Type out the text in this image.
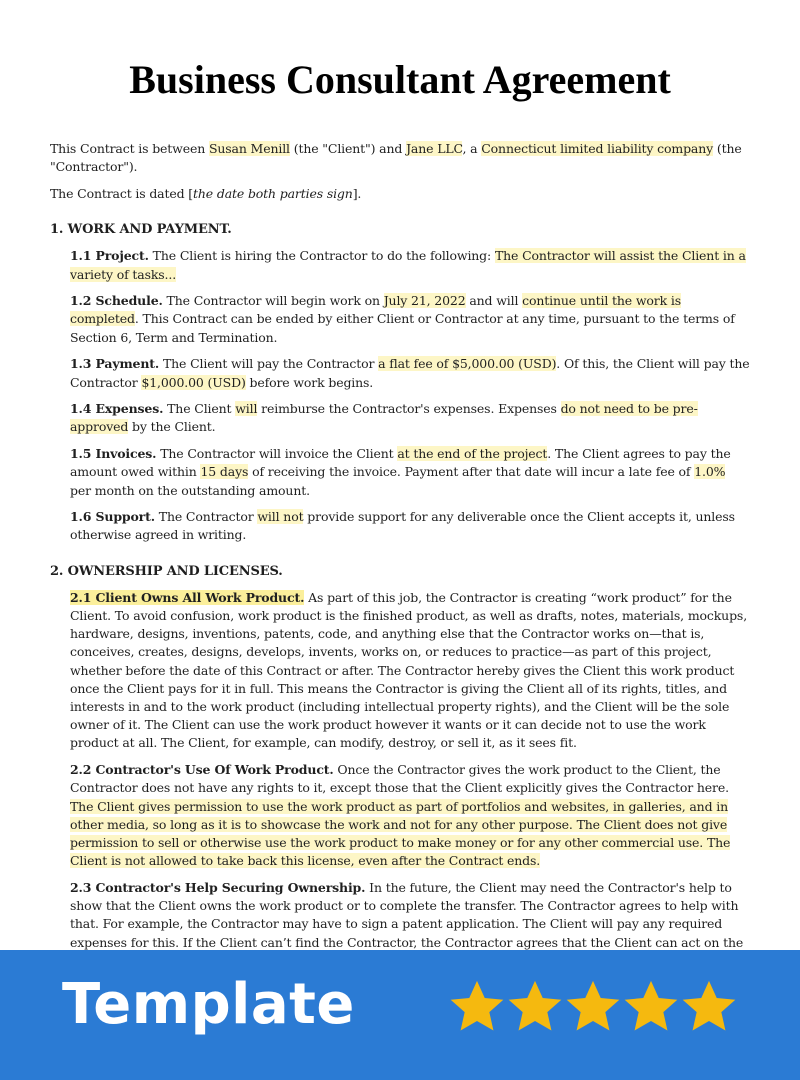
Business Consultant Agreement

This Contract is between Susan Menill (the "Client") and Jane LLC, a Connecticut limited liability company (the "Contractor").

The Contract is dated [the date both parties sign].

1. WORK AND PAYMENT.

1.1 Project. The Client is hiring the Contractor to do the following: The Contractor will assist the Client in a variety of tasks...

1.2 Schedule. The Contractor will begin work on July 21, 2022 and will continue until the work is completed. This Contract can be ended by either Client or Contractor at any time, pursuant to the terms of Section 6, Term and Termination.

1.3 Payment. The Client will pay the Contractor a flat fee of $5,000.00 (USD). Of this, the Client will pay the Contractor $1,000.00 (USD) before work begins.

1.4 Expenses. The Client will reimburse the Contractor's expenses. Expenses do not need to be pre-approved by the Client.

1.5 Invoices. The Contractor will invoice the Client at the end of the project. The Client agrees to pay the amount owed within 15 days of receiving the invoice. Payment after that date will incur a late fee of 1.0% per month on the outstanding amount.

1.6 Support. The Contractor will not provide support for any deliverable once the Client accepts it, unless otherwise agreed in writing.

2. OWNERSHIP AND LICENSES.

2.1 Client Owns All Work Product. As part of this job, the Contractor is creating “work product” for the Client. To avoid confusion, work product is the finished product, as well as drafts, notes, materials, mockups, hardware, designs, inventions, patents, code, and anything else that the Contractor works on—that is, conceives, creates, designs, develops, invents, works on, or reduces to practice—as part of this project, whether before the date of this Contract or after. The Contractor hereby gives the Client this work product once the Client pays for it in full. This means the Contractor is giving the Client all of its rights, titles, and interests in and to the work product (including intellectual property rights), and the Client will be the sole owner of it. The Client can use the work product however it wants or it can decide not to use the work product at all. The Client, for example, can modify, destroy, or sell it, as it sees fit.

2.2 Contractor's Use Of Work Product. Once the Contractor gives the work product to the Client, the Contractor does not have any rights to it, except those that the Client explicitly gives the Contractor here. The Client gives permission to use the work product as part of portfolios and websites, in galleries, and in other media, so long as it is to showcase the work and not for any other purpose. The Client does not give permission to sell or otherwise use the work product to make money or for any other commercial use. The Client is not allowed to take back this license, even after the Contract ends.

2.3 Contractor's Help Securing Ownership. In the future, the Client may need the Contractor's help to show that the Client owns the work product or to complete the transfer. The Contractor agrees to help with that. For example, the Contractor may have to sign a patent application. The Client will pay any required expenses for this. If the Client can’t find the Contractor, the Contractor agrees that the Client can act on the

Template
